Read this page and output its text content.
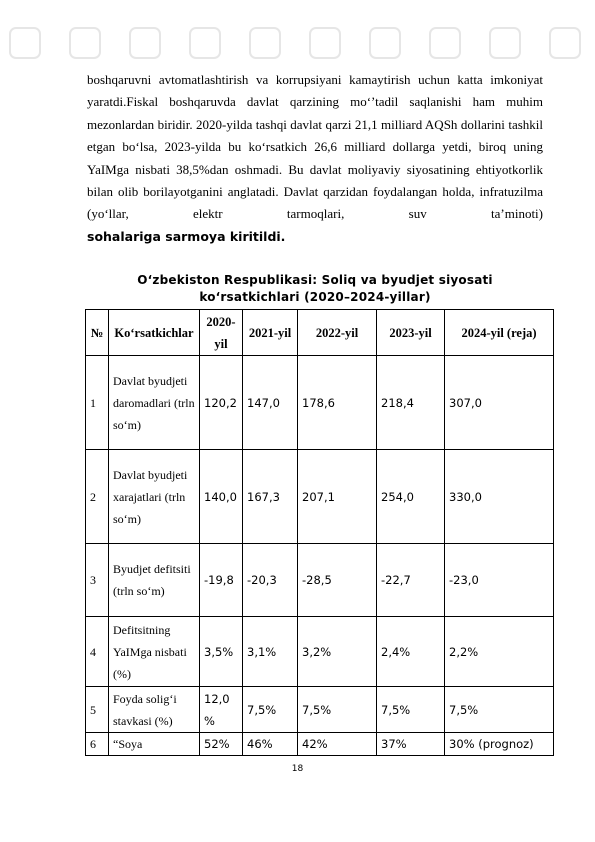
boshqaruvni avtomatlashtirish va korrupsiyani kamaytirish uchun katta imkoniyat yaratdi.Fiskal boshqaruvda davlat qarzining mo‘’tadil saqlanishi ham muhim mezonlardan biridir. 2020-yilda tashqi davlat qarzi 21,1 milliard AQSh dollarini tashkil etgan bo‘lsa, 2023-yilda bu ko‘rsatkich 26,6 milliard dollarga yetdi, biroq uning YaIMga nisbati 38,5%dan oshmadi. Bu davlat moliyaviy siyosatining ehtiyotkorlik bilan olib borilayotganini anglatadi. Davlat qarzidan foydalangan holda, infratuzilma (yo‘llar, elektr tarmoqlari, suv ta’minoti)
sohalariga sarmoya kiritildi.
O‘zbekiston Respublikasi: Soliq va byudjet siyosati
ko‘rsatkichlari (2020–2024-yillar)
№	Ko‘rsatkichlar	2020-yil	2021-yil	2022-yil	2023-yil	2024-yil (reja)
1	Davlat byudjeti daromadlari (trln so‘m)	120,2	147,0	178,6	218,4	307,0
2	Davlat byudjeti xarajatlari (trln so‘m)	140,0	167,3	207,1	254,0	330,0
3	Byudjet defitsiti (trln so‘m)	-19,8	-20,3	-28,5	-22,7	-23,0
4	Defitsitning YaIMga nisbati (%)	3,5%	3,1%	3,2%	2,4%	2,2%
5	Foyda solig‘i stavkasi (%)	12,0 %	7,5%	7,5%	7,5%	7,5%
6	“Soya	52%	46%	42%	37%	30% (prognoz)
18
